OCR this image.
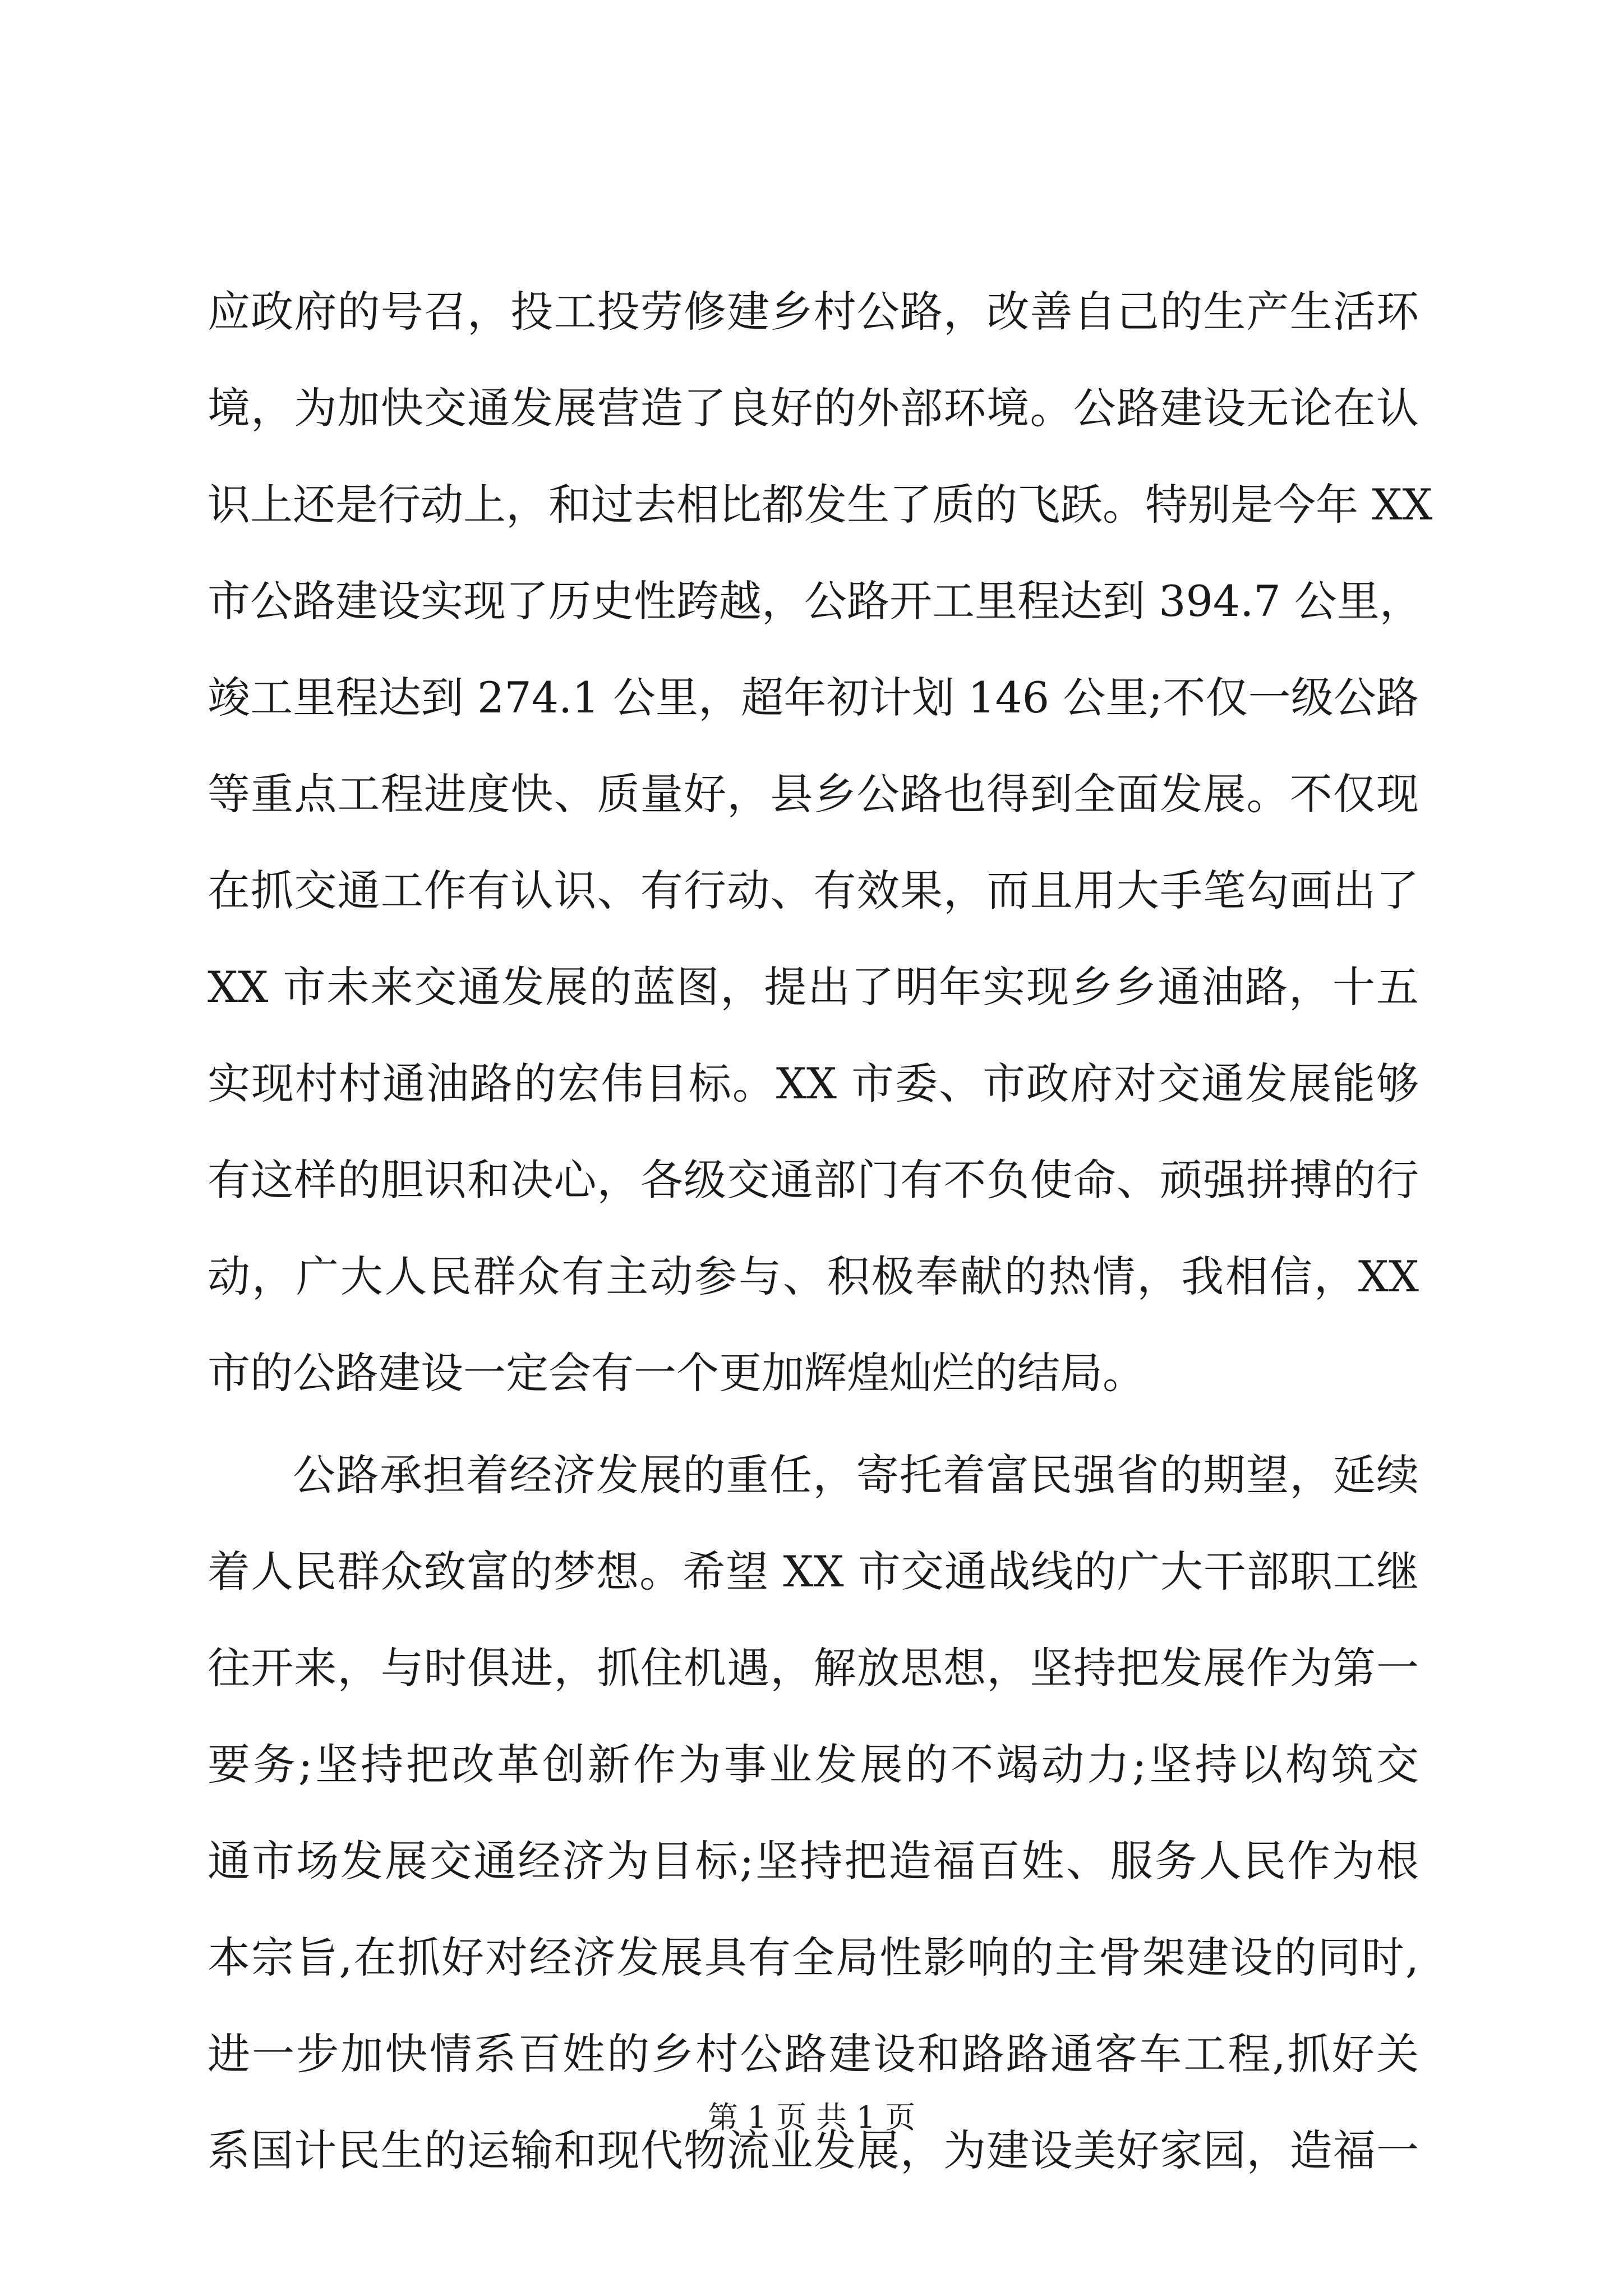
应政府的号召，投工投劳修建乡村公路，改善自己的生产生活环
境，为加快交通发展营造了良好的外部环境。公路建设无论在认
识上还是行动上，和过去相比都发生了质的飞跃。特别是今年 XX
市公路建设实现了历史性跨越，公路开工里程达到 394.7 公里，
竣工里程达到 274.1 公里，超年初计划 146 公里;不仅一级公路
等重点工程进度快、质量好，县乡公路也得到全面发展。不仅现
在抓交通工作有认识、有行动、有效果，而且用大手笔勾画出了
XX 市未来交通发展的蓝图，提出了明年实现乡乡通油路，十五
实现村村通油路的宏伟目标。XX 市委、市政府对交通发展能够
有这样的胆识和决心，各级交通部门有不负使命、顽强拼搏的行
动，广大人民群众有主动参与、积极奉献的热情，我相信，XX
市的公路建设一定会有一个更加辉煌灿烂的结局。
公路承担着经济发展的重任，寄托着富民强省的期望，延续
着人民群众致富的梦想。希望 XX 市交通战线的广大干部职工继
往开来，与时俱进，抓住机遇，解放思想，坚持把发展作为第一
要务;坚持把改革创新作为事业发展的不竭动力;坚持以构筑交
通市场发展交通经济为目标;坚持把造福百姓、服务人民作为根
本宗旨,在抓好对经济发展具有全局性影响的主骨架建设的同时,
进一步加快情系百姓的乡村公路建设和路路通客车工程,抓好关
系国计民生的运输和现代物流业发展，为建设美好家园，造福一
第 1 页 共 1 页
